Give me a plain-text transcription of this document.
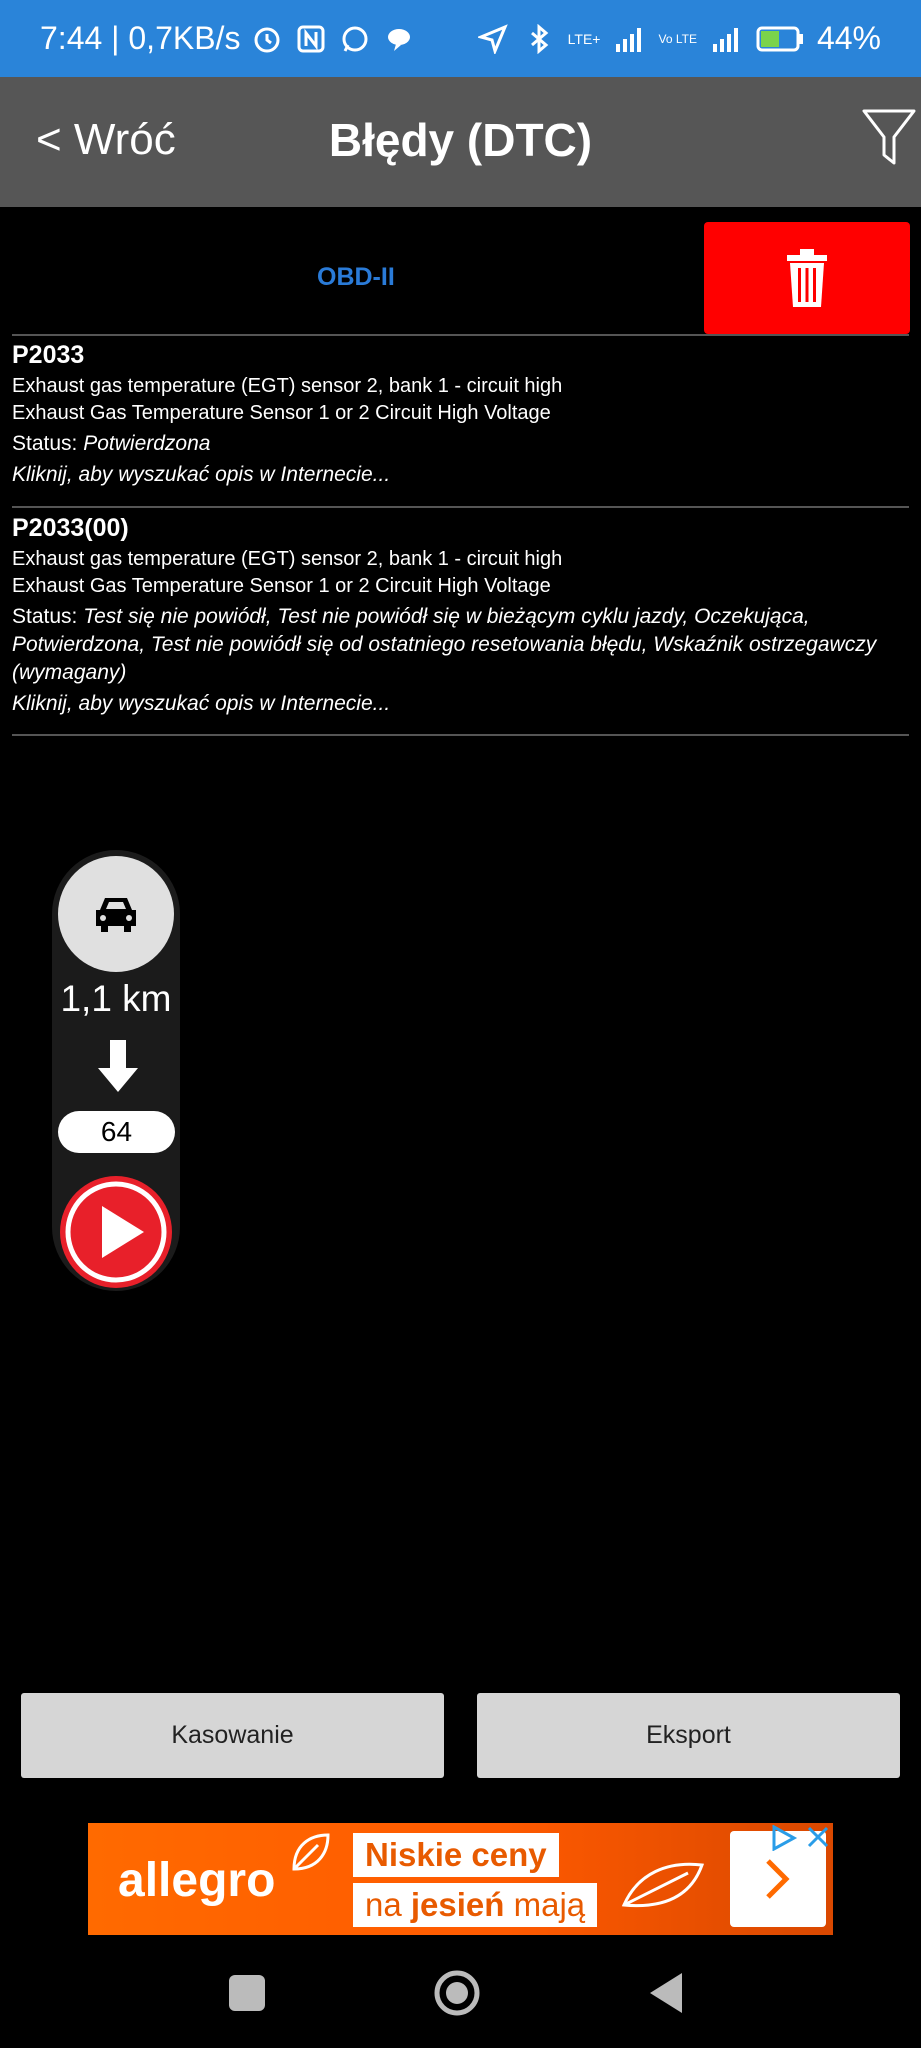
7:44 | 0,7KB/s	LTE+	Vo LTE	44%
< Wróć	Błędy (DTC)
OBD-II
P2033
Exhaust gas temperature (EGT) sensor 2, bank 1 - circuit high
Exhaust Gas Temperature Sensor 1 or 2 Circuit High Voltage
Status: Potwierdzona
Kliknij, aby wyszukać opis w Internecie...
P2033(00)
Exhaust gas temperature (EGT) sensor 2, bank 1 - circuit high
Exhaust Gas Temperature Sensor 1 or 2 Circuit High Voltage
Status: Test się nie powiódł, Test nie powiódł się w bieżącym cyklu jazdy, Oczekująca, Potwierdzona, Test nie powiódł się od ostatniego resetowania błędu, Wskaźnik ostrzegawczy (wymagany)
Kliknij, aby wyszukać opis w Internecie...
1,1 km
64
Kasowanie	Eksport
allegro	Niskie ceny
na jesień mają
